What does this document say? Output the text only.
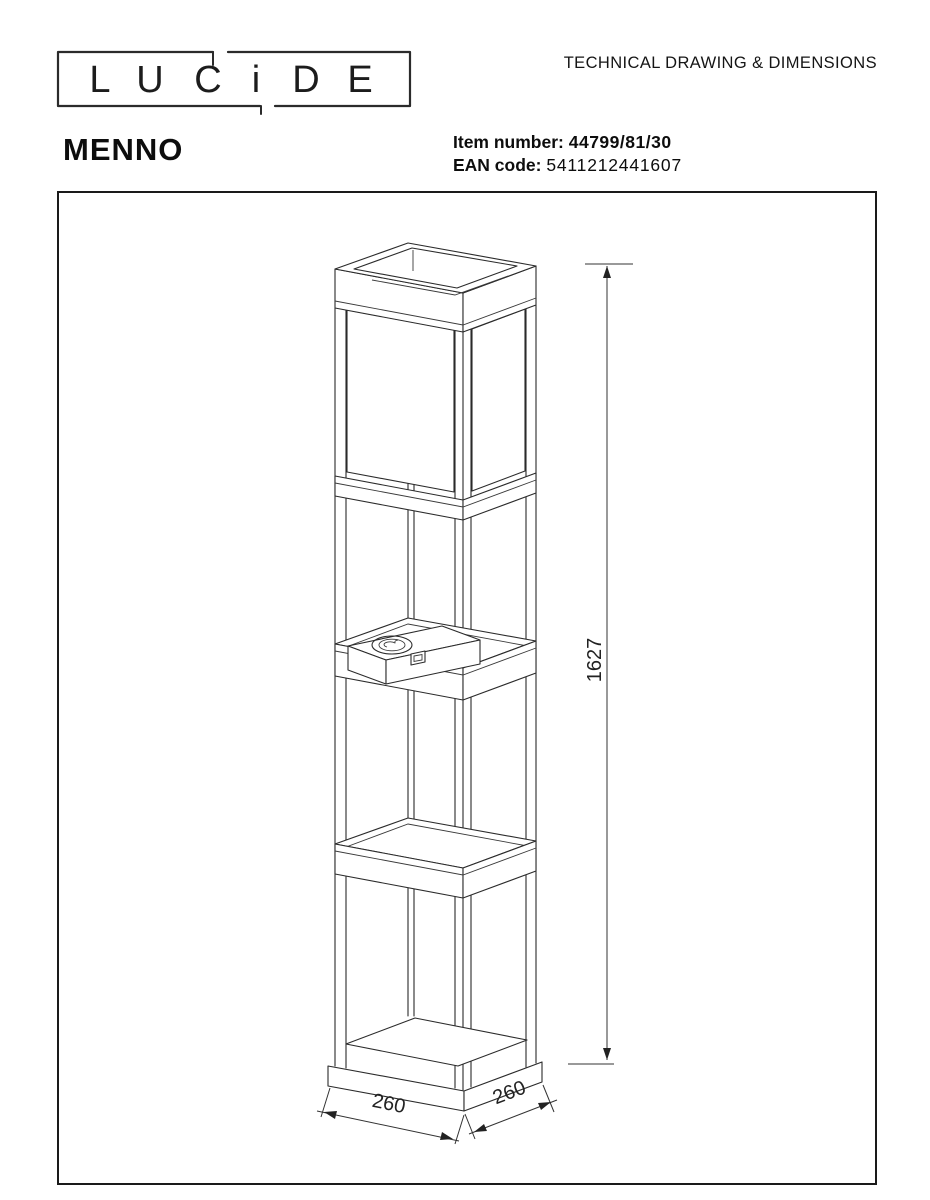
L U C i D E	TECHNICAL DRAWING & DIMENSIONS
MENNO	Item number: 44799/81/30
EAN code: 5411212441607
1627
260	260
